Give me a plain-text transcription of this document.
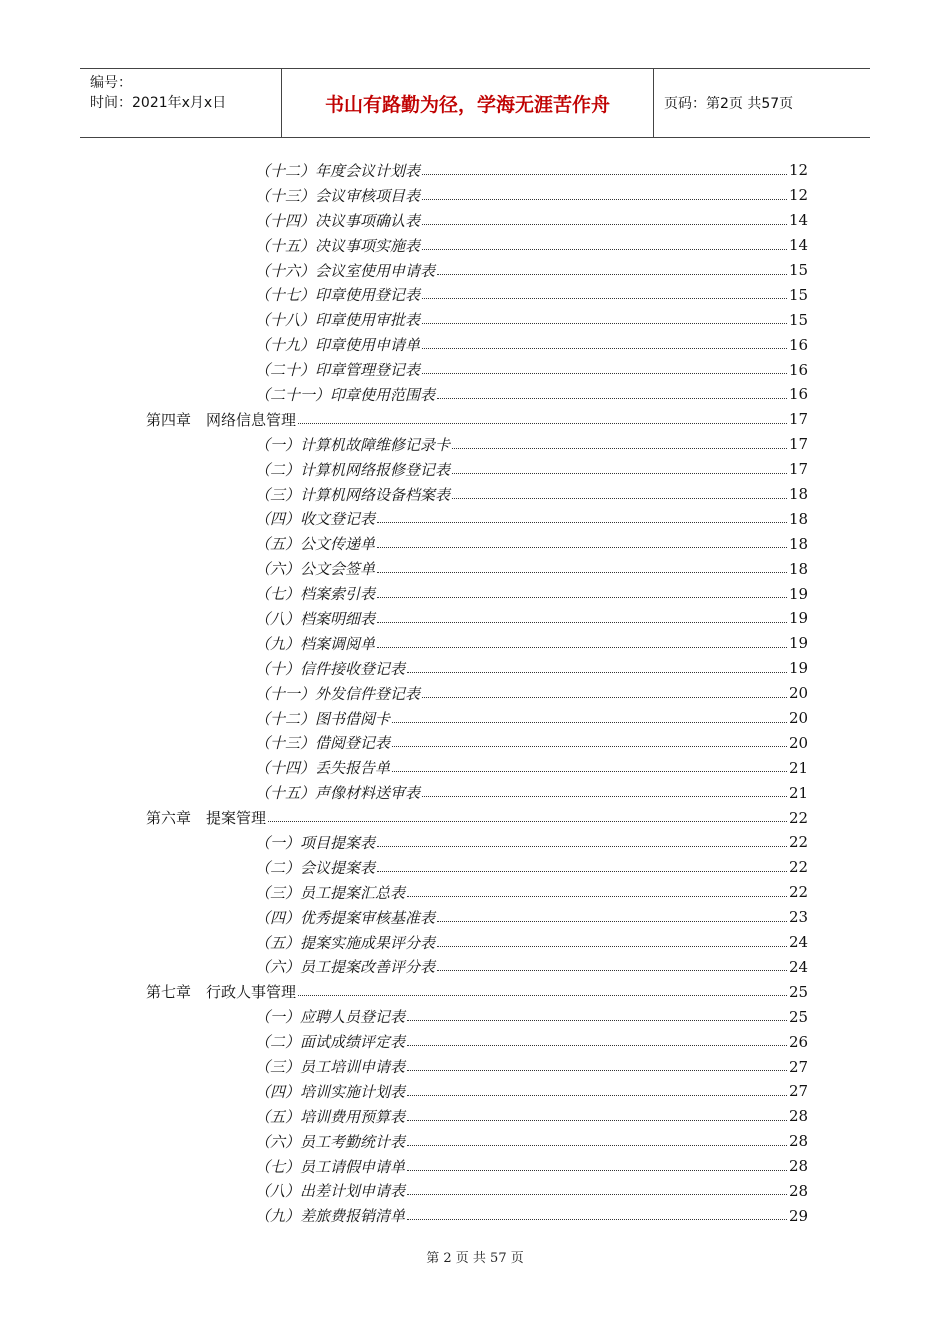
编号：
时间：2021年x月x日	书山有路勤为径，学海无涯苦作舟	页码：第2页 共57页
（十二）年度会议计划表	12
（十三）会议审核项目表	12
（十四）决议事项确认表	14
（十五）决议事项实施表	14
（十六）会议室使用申请表	15
（十七）印章使用登记表	15
（十八）印章使用审批表	15
（十九）印章使用申请单	16
（二十）印章管理登记表	16
（二十一）印章使用范围表	16
第四章　网络信息管理	17
（一）计算机故障维修记录卡	17
（二）计算机网络报修登记表	17
（三）计算机网络设备档案表	18
（四）收文登记表	18
（五）公文传递单	18
（六）公文会签单	18
（七）档案索引表	19
（八）档案明细表	19
（九）档案调阅单	19
（十）信件接收登记表	19
（十一）外发信件登记表	20
（十二）图书借阅卡	20
（十三）借阅登记表	20
（十四）丢失报告单	21
（十五）声像材料送审表	21
第六章　提案管理	22
（一）项目提案表	22
（二）会议提案表	22
（三）员工提案汇总表	22
（四）优秀提案审核基准表	23
（五）提案实施成果评分表	24
（六）员工提案改善评分表	24
第七章　行政人事管理	25
（一）应聘人员登记表	25
（二）面试成绩评定表	26
（三）员工培训申请表	27
（四）培训实施计划表	27
（五）培训费用预算表	28
（六）员工考勤统计表	28
（七）员工请假申请单	28
（八）出差计划申请表	28
（九）差旅费报销清单	29
第 2 页 共 57 页
